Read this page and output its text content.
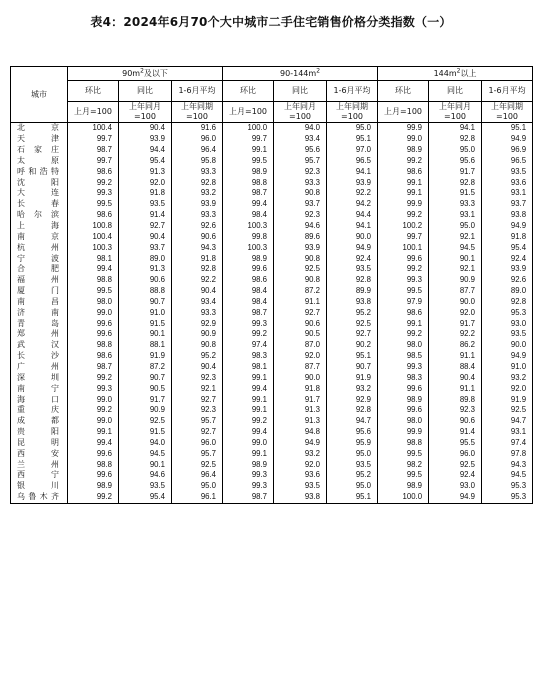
表4：2024年6月70个大中城市二手住宅销售价格分类指数（一）
城市	$90m^2$及以下			$90-144m^2$			$144m^2$以上		
	环比	同比	1-6月平均	环比	同比	1-6月平均	环比	同比	1-6月平均
	上月=100	上年同月=100	上年同期=100	上月=100	上年同月=100	上年同期=100	上月=100	上年同月=100	上年同期=100
北京	100.4	90.4	91.6	100.0	94.0	95.0	99.9	94.1	95.1
天津	99.7	93.9	96.0	99.7	93.4	95.1	99.0	92.8	94.9
石家庄	98.7	94.4	96.4	99.1	95.6	97.0	98.9	95.0	96.9
太原	99.7	95.4	95.8	99.5	95.7	96.5	99.2	95.6	96.5
呼和浩特	98.6	91.3	93.3	98.9	92.3	94.1	98.6	91.7	93.5
沈阳	99.2	92.0	92.8	98.8	93.3	93.9	99.1	92.8	93.6
大连	99.3	91.8	93.2	98.7	90.8	92.2	99.1	91.5	93.1
长春	99.5	93.5	93.9	99.4	93.7	94.2	99.9	93.3	93.7
哈尔滨	98.6	91.4	93.3	98.4	92.3	94.4	99.2	93.1	93.8
上海	100.8	92.7	92.6	100.3	94.6	94.1	100.2	95.0	94.9
南京	100.4	90.4	90.6	99.8	89.6	90.0	99.7	92.1	91.8
杭州	100.3	93.7	94.3	100.3	93.9	94.9	100.1	94.5	95.4
宁波	98.1	89.0	91.8	98.9	90.8	92.4	99.6	90.1	92.4
合肥	99.4	91.3	92.8	99.6	92.5	93.5	99.2	92.1	93.9
福州	98.8	90.6	92.2	98.6	90.8	92.8	99.3	90.9	92.6
厦门	99.5	88.8	90.4	98.4	87.2	89.9	99.5	87.7	89.0
南昌	98.0	90.7	93.4	98.4	91.1	93.8	97.9	90.0	92.8
济南	99.0	91.0	93.3	98.7	92.7	95.2	98.6	92.0	95.3
青岛	99.6	91.5	92.9	99.3	90.6	92.5	99.1	91.7	93.0
郑州	99.6	90.1	90.9	99.2	90.5	92.7	99.2	92.2	93.5
武汉	98.8	88.1	90.8	97.4	87.0	90.2	98.0	86.2	90.0
长沙	98.6	91.9	95.2	98.3	92.0	95.1	98.5	91.1	94.9
广州	98.7	87.2	90.4	98.1	87.7	90.7	99.3	88.4	91.0
深圳	99.2	90.7	92.3	99.1	90.0	91.9	98.3	90.4	93.2
南宁	99.3	90.5	92.1	99.4	91.8	93.2	99.6	91.1	92.0
海口	99.0	91.7	92.7	99.1	91.7	92.9	98.9	89.8	91.9
重庆	99.2	90.9	92.3	99.1	91.3	92.8	99.6	92.3	92.5
成都	99.0	92.5	95.7	99.2	91.3	94.7	98.0	90.6	94.7
贵阳	99.1	91.5	92.7	99.4	94.8	95.6	99.9	91.4	93.1
昆明	99.4	94.0	96.0	99.0	94.9	95.9	98.8	95.5	97.4
西安	99.6	94.5	95.7	99.1	93.2	95.0	99.5	96.0	97.8
兰州	98.8	90.1	92.5	98.9	92.0	93.5	98.2	92.5	94.3
西宁	99.6	94.6	96.4	99.3	93.6	95.2	99.5	92.4	94.5
银川	98.9	93.5	95.0	99.3	93.5	95.0	98.9	93.0	95.3
乌鲁木齐	99.2	95.4	96.1	98.7	93.8	95.1	100.0	94.9	95.3
